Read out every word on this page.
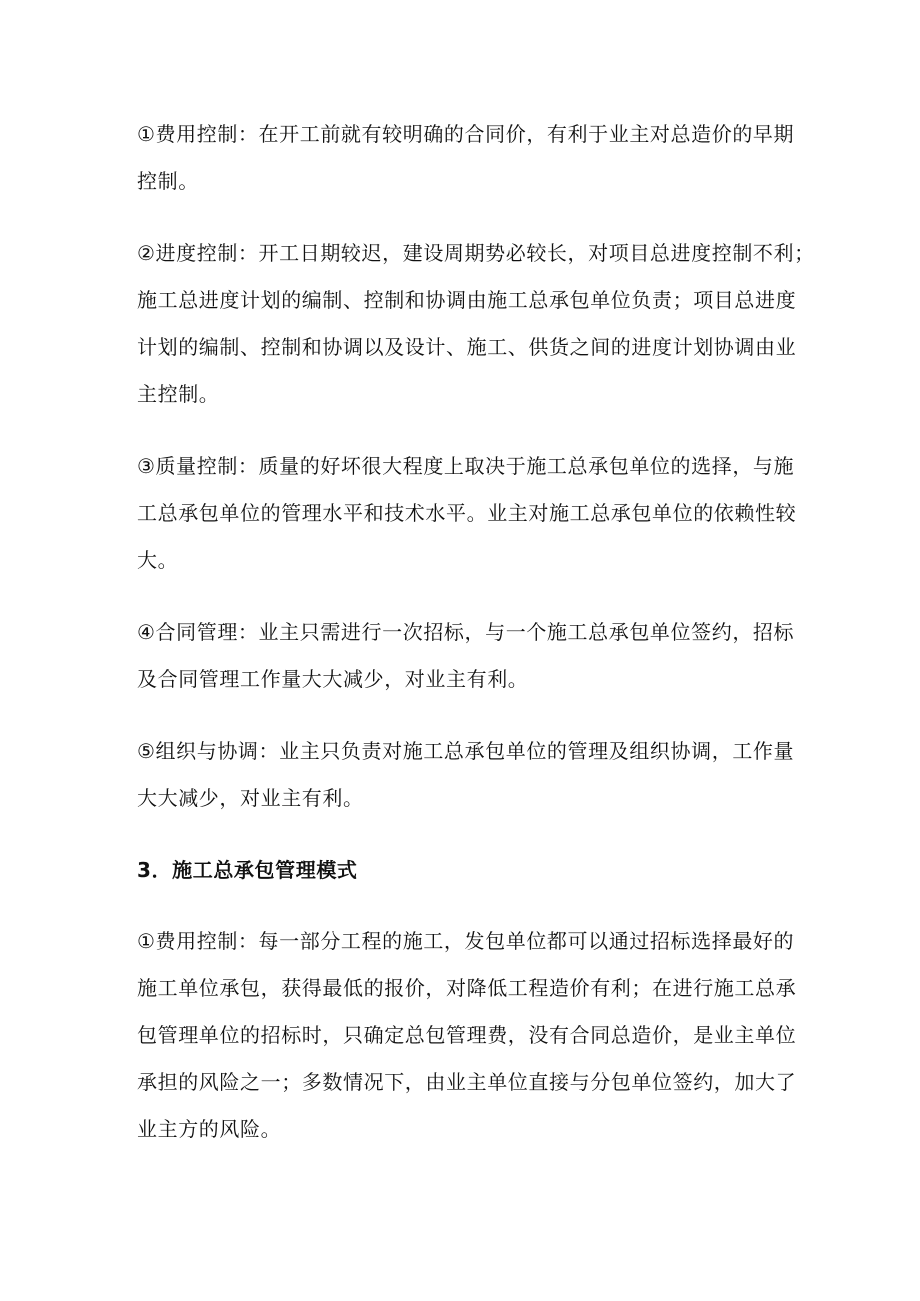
①费用控制：在开工前就有较明确的合同价，有利于业主对总造价的早期
控制。
②进度控制：开工日期较迟，建设周期势必较长，对项目总进度控制不利；
施工总进度计划的编制、控制和协调由施工总承包单位负责；项目总进度
计划的编制、控制和协调以及设计、施工、供货之间的进度计划协调由业
主控制。
③质量控制：质量的好坏很大程度上取决于施工总承包单位的选择，与施
工总承包单位的管理水平和技术水平。业主对施工总承包单位的依赖性较
大。
④合同管理：业主只需进行一次招标，与一个施工总承包单位签约，招标
及合同管理工作量大大减少，对业主有利。
⑤组织与协调：业主只负责对施工总承包单位的管理及组织协调，工作量
大大减少，对业主有利。
3．施工总承包管理模式
①费用控制：每一部分工程的施工，发包单位都可以通过招标选择最好的
施工单位承包，获得最低的报价，对降低工程造价有利；在进行施工总承
包管理单位的招标时，只确定总包管理费，没有合同总造价，是业主单位
承担的风险之一；多数情况下，由业主单位直接与分包单位签约，加大了
业主方的风险。
